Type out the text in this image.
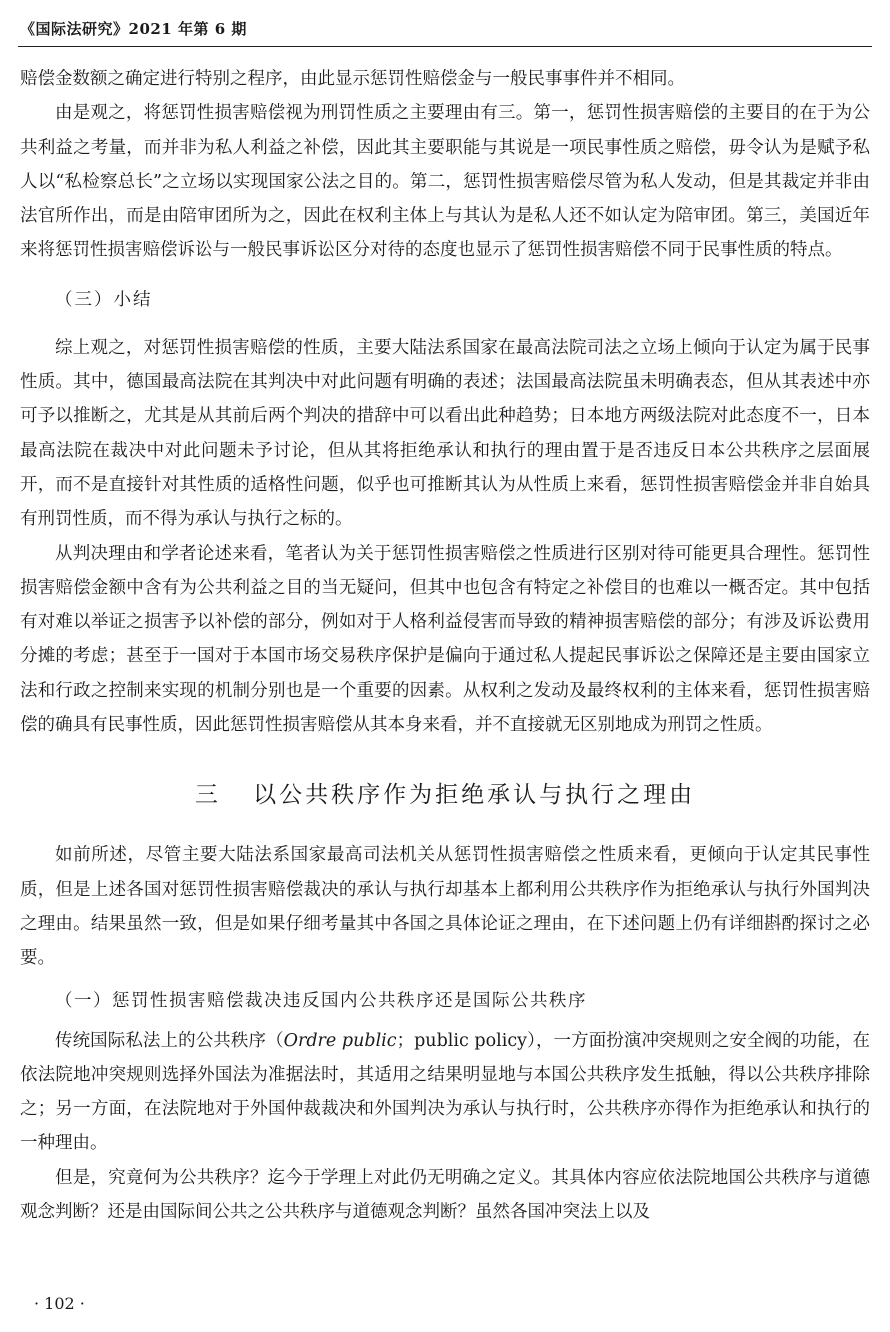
《国际法研究》2021 年第 6 期

赔偿金数额之确定进行特别之程序，由此显示惩罚性赔偿金与一般民事事件并不相同。

由是观之，将惩罚性损害赔偿视为刑罚性质之主要理由有三。第一，惩罚性损害赔偿的主要目的在于为公共利益之考量，而并非为私人利益之补偿，因此其主要职能与其说是一项民事性质之赔偿，毋令认为是赋予私人以“私检察总长”之立场以实现国家公法之目的。第二，惩罚性损害赔偿尽管为私人发动，但是其裁定并非由法官所作出，而是由陪审团所为之，因此在权利主体上与其认为是私人还不如认定为陪审团。第三，美国近年来将惩罚性损害赔偿诉讼与一般民事诉讼区分对待的态度也显示了惩罚性损害赔偿不同于民事性质的特点。

（三）小结

综上观之，对惩罚性损害赔偿的性质，主要大陆法系国家在最高法院司法之立场上倾向于认定为属于民事性质。其中，德国最高法院在其判决中对此问题有明确的表述；法国最高法院虽未明确表态，但从其表述中亦可予以推断之，尤其是从其前后两个判决的措辞中可以看出此种趋势；日本地方两级法院对此态度不一，日本最高法院在裁决中对此问题未予讨论，但从其将拒绝承认和执行的理由置于是否违反日本公共秩序之层面展开，而不是直接针对其性质的适格性问题，似乎也可推断其认为从性质上来看，惩罚性损害赔偿金并非自始具有刑罚性质，而不得为承认与执行之标的。

从判决理由和学者论述来看，笔者认为关于惩罚性损害赔偿之性质进行区别对待可能更具合理性。惩罚性损害赔偿金额中含有为公共利益之目的当无疑问，但其中也包含有特定之补偿目的也难以一概否定。其中包括有对难以举证之损害予以补偿的部分，例如对于人格利益侵害而导致的精神损害赔偿的部分；有涉及诉讼费用分摊的考虑；甚至于一国对于本国市场交易秩序保护是偏向于通过私人提起民事诉讼之保障还是主要由国家立法和行政之控制来实现的机制分别也是一个重要的因素。从权利之发动及最终权利的主体来看，惩罚性损害赔偿的确具有民事性质，因此惩罚性损害赔偿从其本身来看，并不直接就无区别地成为刑罚之性质。

三 以公共秩序作为拒绝承认与执行之理由

如前所述，尽管主要大陆法系国家最高司法机关从惩罚性损害赔偿之性质来看，更倾向于认定其民事性质，但是上述各国对惩罚性损害赔偿裁决的承认与执行却基本上都利用公共秩序作为拒绝承认与执行外国判决之理由。结果虽然一致，但是如果仔细考量其中各国之具体论证之理由，在下述问题上仍有详细斟酌探讨之必要。

（一）惩罚性损害赔偿裁决违反国内公共秩序还是国际公共秩序

传统国际私法上的公共秩序（Ordre public；public policy），一方面扮演冲突规则之安全阀的功能，在依法院地冲突规则选择外国法为准据法时，其适用之结果明显地与本国公共秩序发生抵触，得以公共秩序排除之；另一方面，在法院地对于外国仲裁裁决和外国判决为承认与执行时，公共秩序亦得作为拒绝承认和执行的一种理由。

但是，究竟何为公共秩序？迄今于学理上对此仍无明确之定义。其具体内容应依法院地国公共秩序与道德观念判断？还是由国际间公共之公共秩序与道德观念判断？虽然各国冲突法上以及

· 102 ·
